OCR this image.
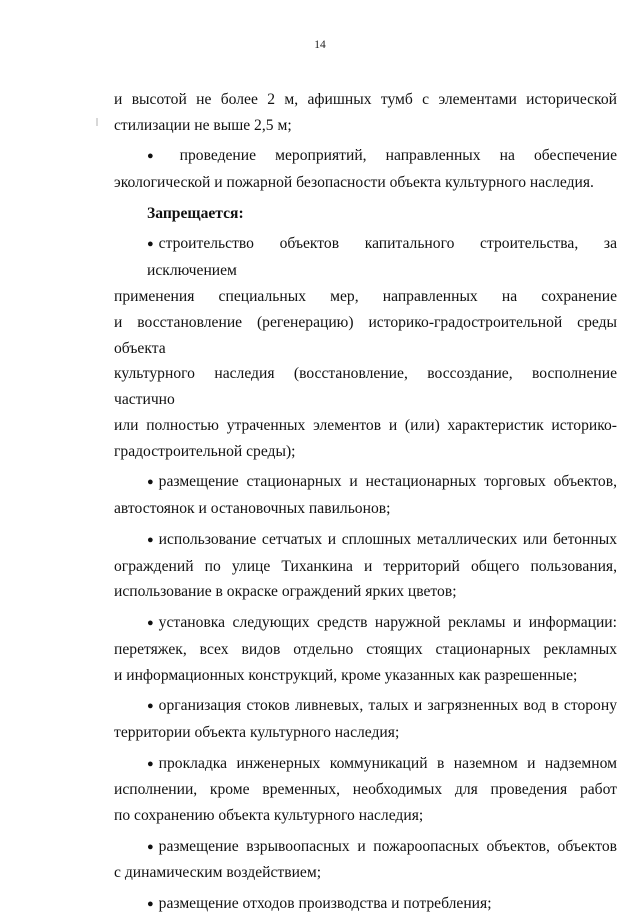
14

и высотой не более 2 м, афишных тумб с элементами исторической
стилизации не выше 2,5 м;

● проведение мероприятий, направленных на обеспечение
экологической и пожарной безопасности объекта культурного наследия.

Запрещается:

● строительство объектов капитального строительства, за исключением
применения специальных мер, направленных на сохранение
и восстановление (регенерацию) историко-градостроительной среды объекта
культурного наследия (восстановление, воссоздание, восполнение частично
или полностью утраченных элементов и (или) характеристик историко-
градостроительной среды);

● размещение стационарных и нестационарных торговых объектов,
автостоянок и остановочных павильонов;

● использование сетчатых и сплошных металлических или бетонных
ограждений по улице Тиханкина и территорий общего пользования,
использование в окраске ограждений ярких цветов;

● установка следующих средств наружной рекламы и информации:
перетяжек, всех видов отдельно стоящих стационарных рекламных
и информационных конструкций, кроме указанных как разрешенные;

● организация стоков ливневых, талых и загрязненных вод в сторону
территории объекта культурного наследия;

● прокладка инженерных коммуникаций в наземном и надземном
исполнении, кроме временных, необходимых для проведения работ
по сохранению объекта культурного наследия;

● размещение взрывоопасных и пожароопасных объектов, объектов
с динамическим воздействием;

● размещение отходов производства и потребления;
